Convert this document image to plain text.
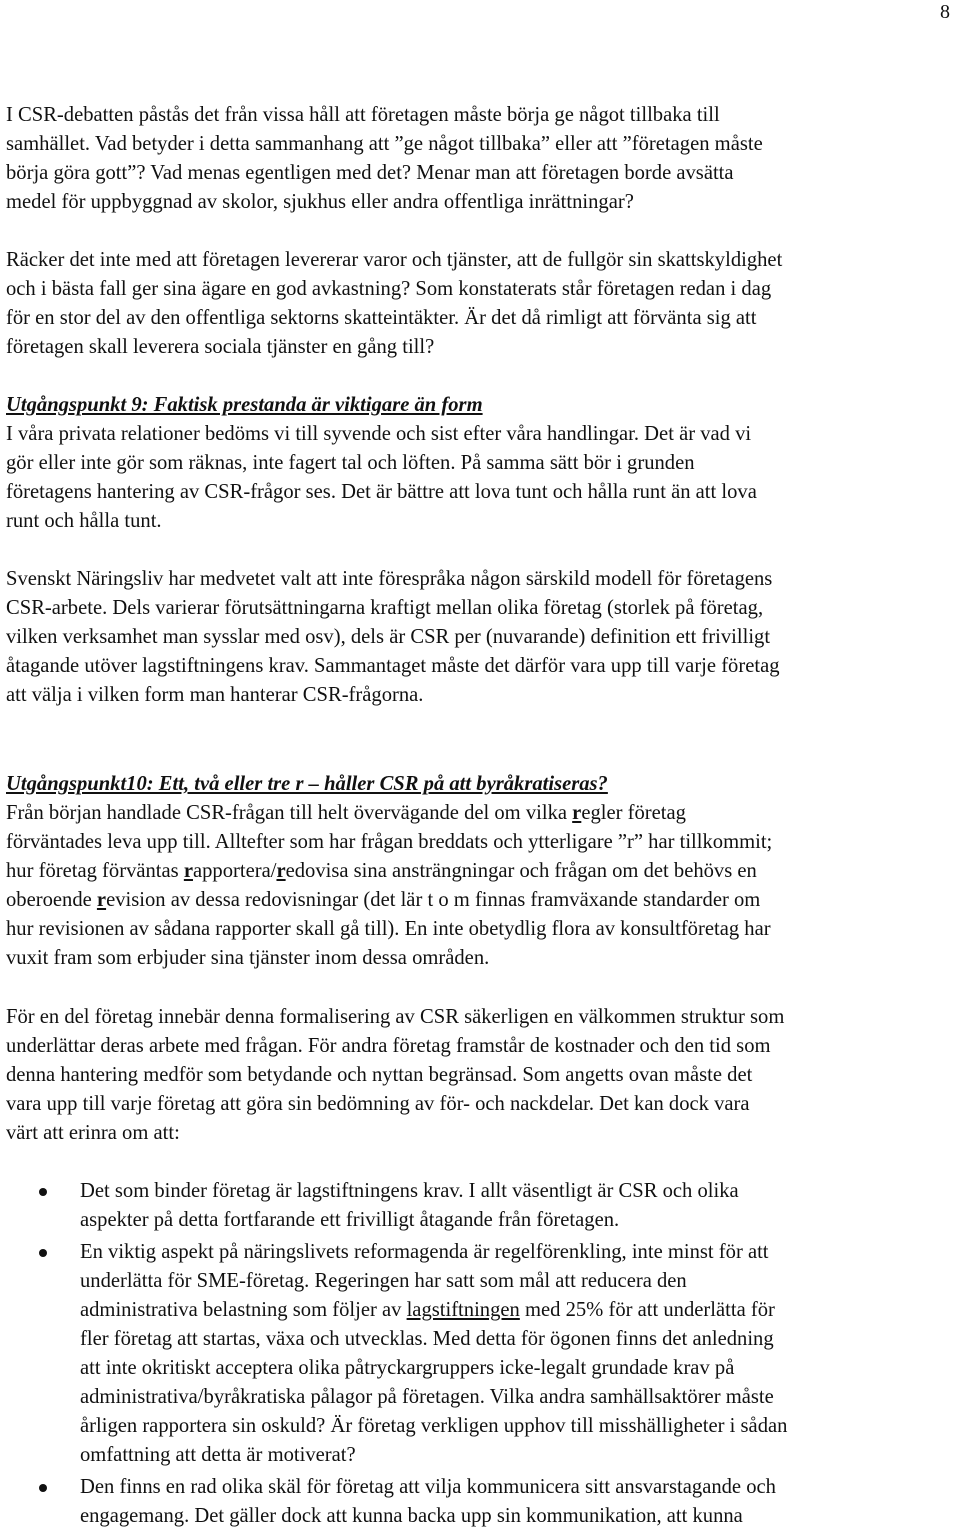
8

I CSR-debatten påstås det från vissa håll att företagen måste börja ge något tillbaka till
samhället. Vad betyder i detta sammanhang att ”ge något tillbaka” eller att ”företagen måste
börja göra gott”? Vad menas egentligen med det? Menar man att företagen borde avsätta
medel för uppbyggnad av skolor, sjukhus eller andra offentliga inrättningar?

Räcker det inte med att företagen levererar varor och tjänster, att de fullgör sin skattskyldighet
och i bästa fall ger sina ägare en god avkastning? Som konstaterats står företagen redan i dag
för en stor del av den offentliga sektorns skatteintäkter. Är det då rimligt att förvänta sig att
företagen skall leverera sociala tjänster en gång till?

Utgångspunkt 9: Faktisk prestanda är viktigare än form
I våra privata relationer bedöms vi till syvende och sist efter våra handlingar. Det är vad vi
gör eller inte gör som räknas, inte fagert tal och löften. På samma sätt bör i grunden
företagens hantering av CSR-frågor ses. Det är bättre att lova tunt och hålla runt än att lova
runt och hålla tunt.

Svenskt Näringsliv har medvetet valt att inte förespråka någon särskild modell för företagens
CSR-arbete. Dels varierar förutsättningarna kraftigt mellan olika företag (storlek på företag,
vilken verksamhet man sysslar med osv), dels är CSR per (nuvarande) definition ett frivilligt
åtagande utöver lagstiftningens krav. Sammantaget måste det därför vara upp till varje företag
att välja i vilken form man hanterar CSR-frågorna.

Utgångspunkt10: Ett, två eller tre r – håller CSR på att byråkratiseras?
Från början handlade CSR-frågan till helt övervägande del om vilka regler företag
förväntades leva upp till. Alltefter som har frågan breddats och ytterligare ”r” har tillkommit;
hur företag förväntas rapportera/redovisa sina ansträngningar och frågan om det behövs en
oberoende revision av dessa redovisningar (det lär t o m finnas framväxande standarder om
hur revisionen av sådana rapporter skall gå till). En inte obetydlig flora av konsultföretag har
vuxit fram som erbjuder sina tjänster inom dessa områden.

För en del företag innebär denna formalisering av CSR säkerligen en välkommen struktur som
underlättar deras arbete med frågan. För andra företag framstår de kostnader och den tid som
denna hantering medför som betydande och nyttan begränsad. Som angetts ovan måste det
vara upp till varje företag att göra sin bedömning av för- och nackdelar. Det kan dock vara
värt att erinra om att:

Det som binder företag är lagstiftningens krav. I allt väsentligt är CSR och olika
aspekter på detta fortfarande ett frivilligt åtagande från företagen.
En viktig aspekt på näringslivets reformagenda är regelförenkling, inte minst för att
underlätta för SME-företag. Regeringen har satt som mål att reducera den
administrativa belastning som följer av lagstiftningen med 25% för att underlätta för
fler företag att startas, växa och utvecklas. Med detta för ögonen finns det anledning
att inte okritiskt acceptera olika påtryckargruppers icke-legalt grundade krav på
administrativa/byråkratiska pålagor på företagen. Vilka andra samhällsaktörer måste
årligen rapportera sin oskuld? Är företag verkligen upphov till misshälligheter i sådan
omfattning att detta är motiverat?
Den finns en rad olika skäl för företag att vilja kommunicera sitt ansvarstagande och
engagemang. Det gäller dock att kunna backa upp sin kommunikation, att kunna
